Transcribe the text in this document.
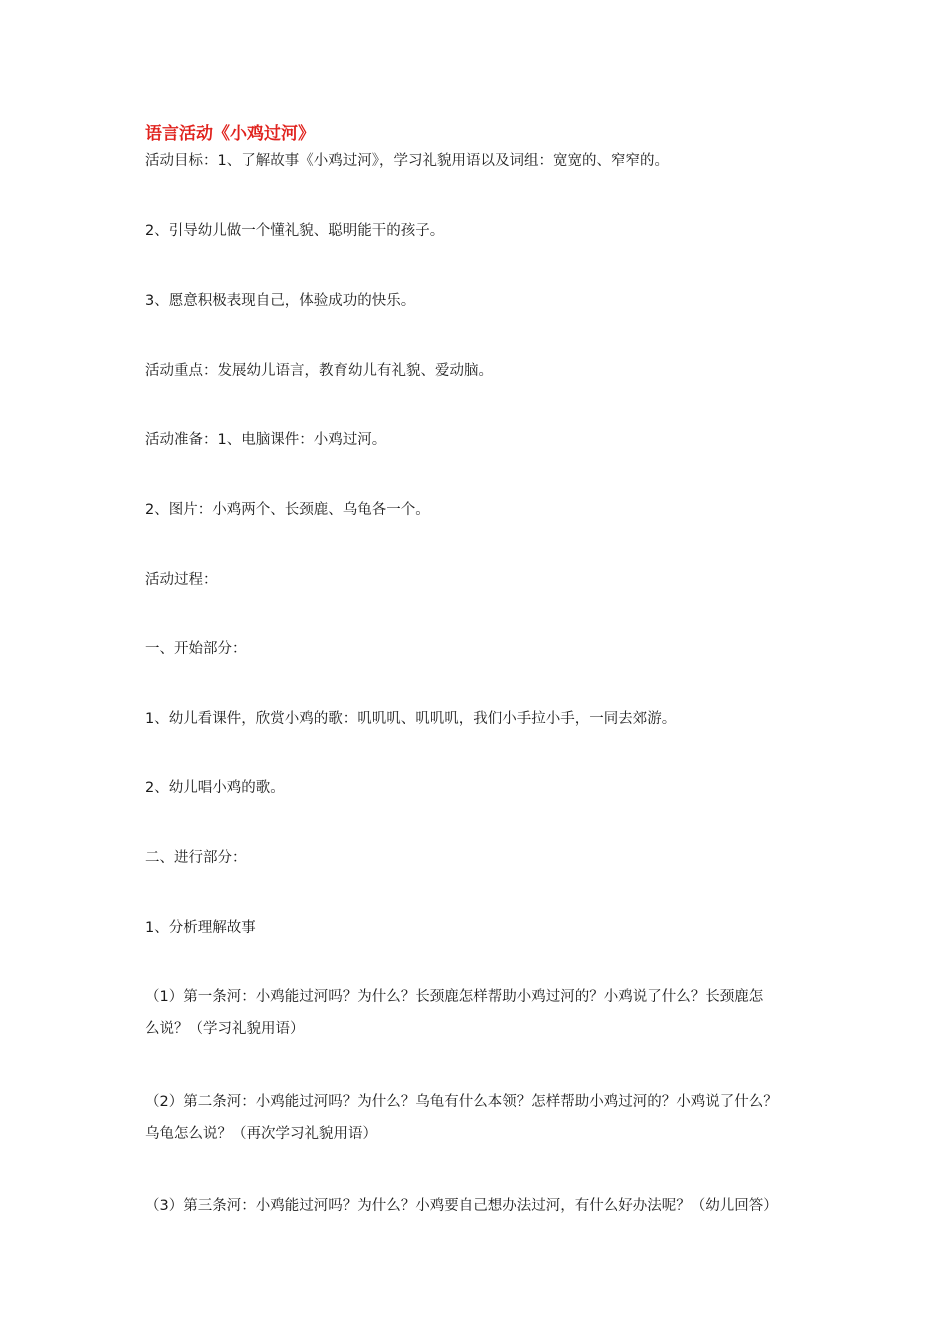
语言活动《小鸡过河》
活动目标：1、了解故事《小鸡过河》，学习礼貌用语以及词组：宽宽的、窄窄的。
2、引导幼儿做一个懂礼貌、聪明能干的孩子。
3、愿意积极表现自己，体验成功的快乐。
活动重点：发展幼儿语言，教育幼儿有礼貌、爱动脑。
活动准备：1、电脑课件：小鸡过河。
2、图片：小鸡两个、长颈鹿、乌龟各一个。
活动过程：
一、开始部分：
1、幼儿看课件，欣赏小鸡的歌：叽叽叽、叽叽叽，我们小手拉小手，一同去郊游。
2、幼儿唱小鸡的歌。
二、进行部分：
1、分析理解故事
（1）第一条河：小鸡能过河吗？为什么？长颈鹿怎样帮助小鸡过河的？小鸡说了什么？长颈鹿怎
么说？（学习礼貌用语）
（2）第二条河：小鸡能过河吗？为什么？乌龟有什么本领？怎样帮助小鸡过河的？小鸡说了什么？
乌龟怎么说？（再次学习礼貌用语）
（3）第三条河：小鸡能过河吗？为什么？小鸡要自己想办法过河，有什么好办法呢？（幼儿回答）
